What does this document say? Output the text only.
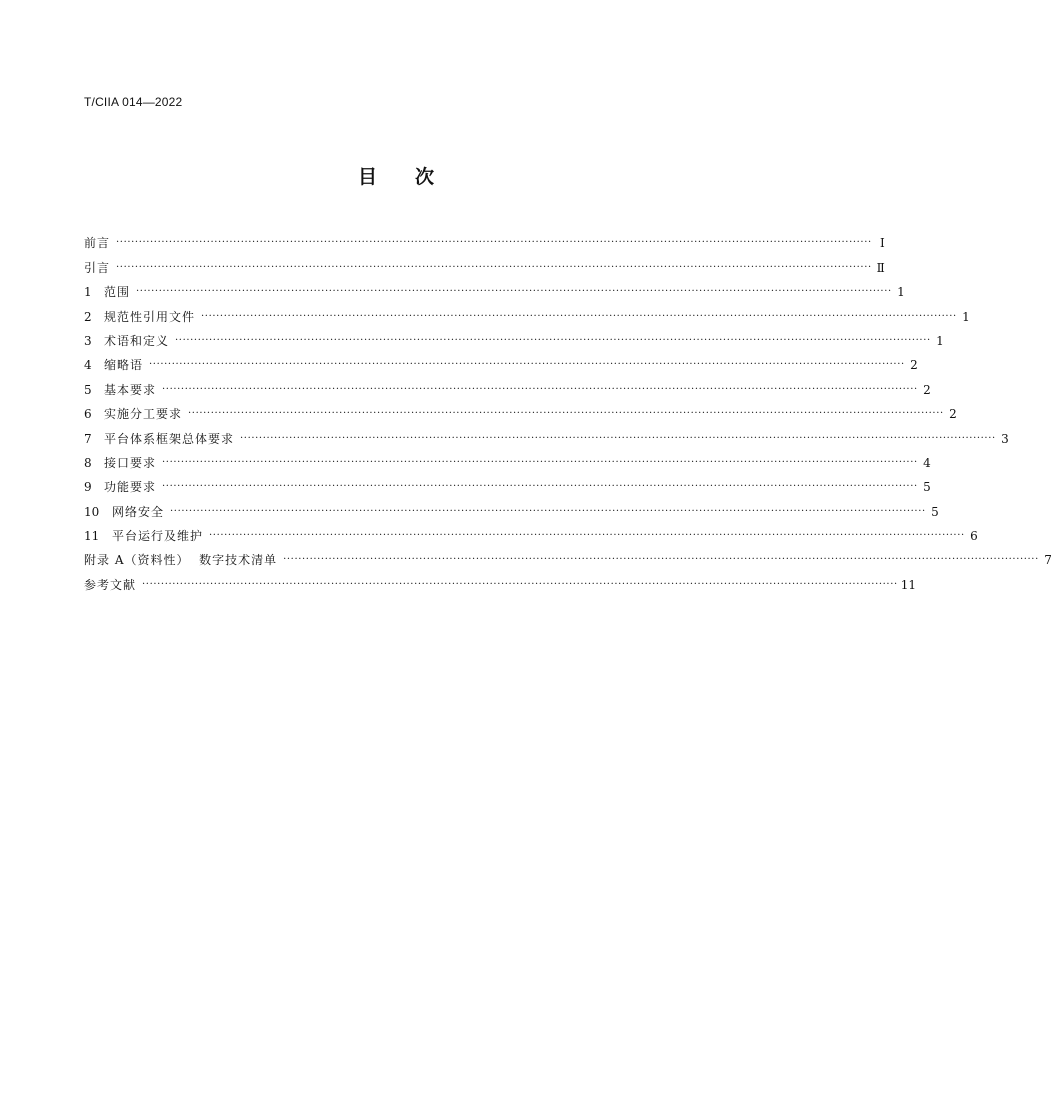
T/CIIA 014—2022
目 次
前言 ········································································································································································································ Ⅰ
引言 ········································································································································································································ Ⅱ
1	范围 ········································································································································································································ 1
2	规范性引用文件 ········································································································································································································ 1
3	术语和定义 ········································································································································································································ 1
4	缩略语 ········································································································································································································ 2
5	基本要求 ········································································································································································································ 2
6	实施分工要求 ········································································································································································································ 2
7	平台体系框架总体要求 ········································································································································································································ 3
8	接口要求 ········································································································································································································ 4
9	功能要求 ········································································································································································································ 5
10	网络安全 ········································································································································································································ 5
11	平台运行及维护 ········································································································································································································ 6
附录 A（资料性）  数字技术清单 ········································································································································································································ 7
参考文献 ········································································································································································································ 11
